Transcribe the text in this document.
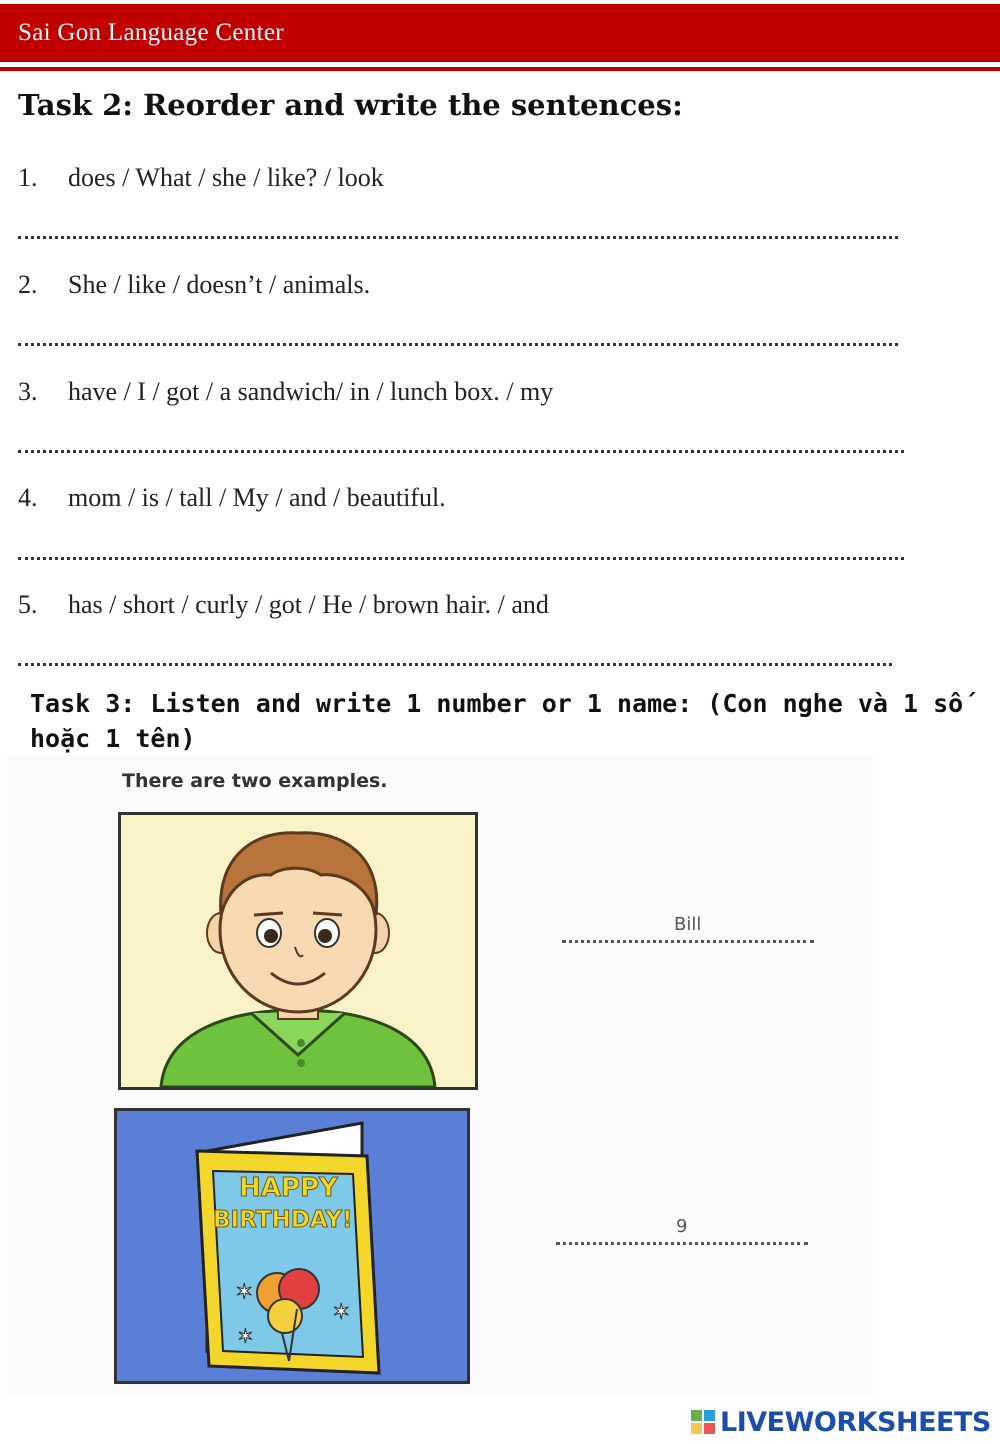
Sai Gon Language Center
Task 2: Reorder and write the sentences:
1. does / What / she / like? / look
2. She / like / doesn’t / animals.
3. have / I / got / a sandwich/ in / lunch box. / my
4. mom / is / tall / My / and / beautiful.
5. has / short / curly / got / He / brown hair. / and
Task 3: Listen and write 1 number or 1 name: (Con nghe và 1 số hoặc 1 tên)
There are two examples.
Bill
✶
✶
✶
HAPPY
BIRTHDAY!	9
LIVEWORKSHEETS
